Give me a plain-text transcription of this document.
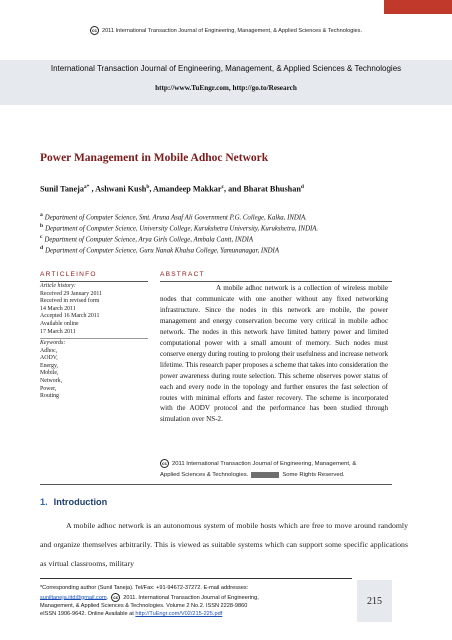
cc 2011 International Transaction Journal of Engineering, Management, & Applied Sciences & Technologies.
International Transaction Journal of Engineering, Management, & Applied Sciences & Technologies
http://www.TuEngr.com, http://go.to/Research
Power Management in Mobile Adhoc Network
Sunil Taneja$^{a*}$ , Ashwani Kush$^b$, Amandeep Makkar$^c$, and Bharat Bhushan$^d$
$^a$ Department of Computer Science, Smt. Aruna Asaf Ali Government P.G. College, Kalka, INDIA.
$^b$ Department of Computer Science, University College, Kurukshetra University, Kurukshetra, INDIA.
$^c$ Department of Computer Science, Arya Girls College, Ambala Cantt, INDIA
$^d$ Department of Computer Science, Guru Nanak Khalsa College, Yamunanagar, INDIA
ARTICLEINFO	ABSTRACT
Article history:
Received 29 January 2011
Received in revised form
14 March 2011
Accepted 16 March 2011
Available online
17 March 2011
Keywords:
Adhoc,
AODV,
Energy,
Mobile,
Network,
Power,
Routing

A mobile adhoc network is a collection of wireless mobile nodes that communicate with one another without any fixed networking infrastructure. Since the nodes in this network are mobile, the power management and energy conservation become very critical in mobile adhoc network. The nodes in this network have limited battery power and limited computational power with a small amount of memory. Such nodes must conserve energy during routing to prolong their usefulness and increase network lifetime. This research paper proposes a scheme that takes into consideration the power awareness during route selection. This scheme observes power status of each and every node in the topology and further ensures the fast selection of routes with minimal efforts and faster recovery. The scheme is incorporated with the AODV protocol and the performance has been studied through simulation over NS-2.

cc 2011 International Transaction Journal of Engineering, Management, &
Applied Sciences & Technologies.	Some Rights Reserved.
1. Introduction

A mobile adhoc network is an autonomous system of mobile hosts which are free to move around randomly and organize themselves arbitrarily. This is viewed as suitable systems which can support some specific applications as virtual classrooms, military

*Corresponding author (Sunil Taneja). Tel/Fax: +91-94672-37272. E-mail addresses:
suniltaneja.iitd@gmail.com.  cc 2011. International Transaction Journal of Engineering,
Management, & Applied Sciences & Technologies. Volume 2 No.2. ISSN 2228-9860
eISSN 1906-9642. Online Available at http://TuEngr.com/V02/215-225.pdf
215
